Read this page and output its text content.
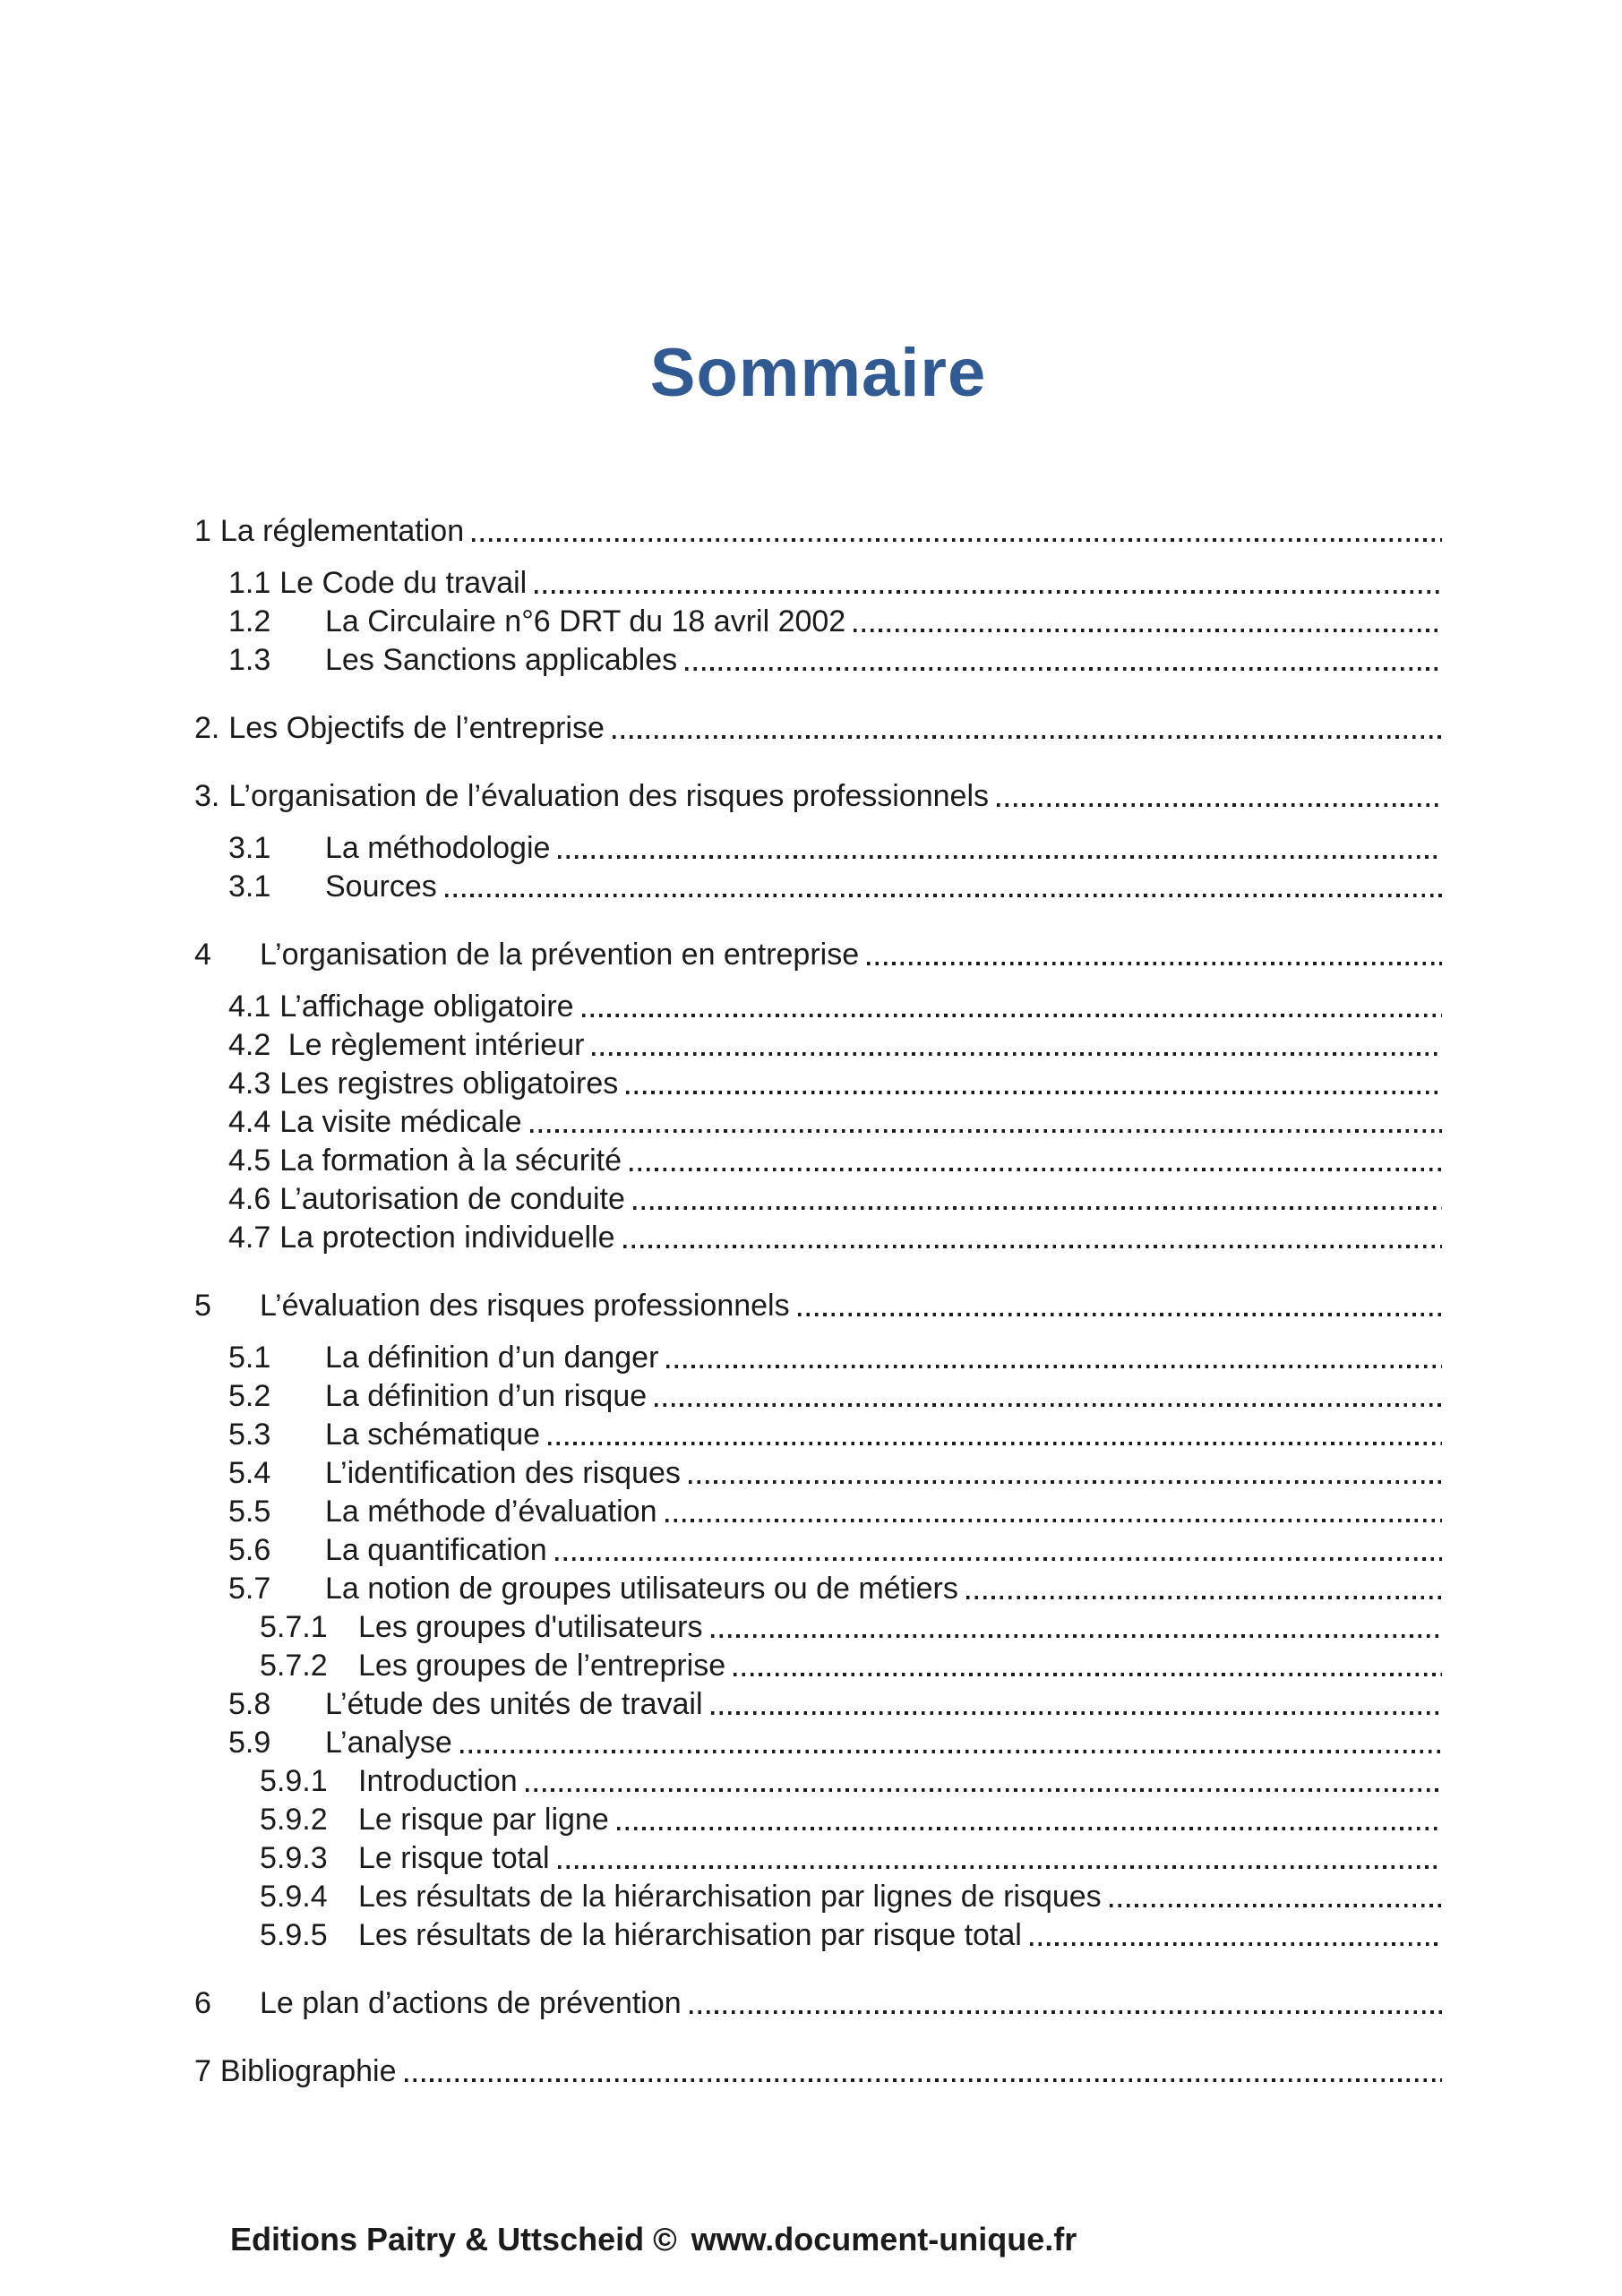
Sommaire
1 La réglementation
1.1 Le Code du travail
1.2	La Circulaire n°6 DRT du 18 avril 2002
1.3	Les Sanctions applicables
2. Les Objectifs de l’entreprise
3. L’organisation de l’évaluation des risques professionnels
3.1	La méthodologie
3.1	Sources
4	L’organisation de la prévention en entreprise
4.1 L’affichage obligatoire
4.2 Le règlement intérieur
4.3 Les registres obligatoires
4.4 La visite médicale
4.5 La formation à la sécurité
4.6 L’autorisation de conduite
4.7 La protection individuelle
5	L’évaluation des risques professionnels
5.1	La définition d’un danger
5.2	La définition d’un risque
5.3	La schématique
5.4	L’identification des risques
5.5	La méthode d’évaluation
5.6	La quantification
5.7	La notion de groupes utilisateurs ou de métiers
5.7.1	Les groupes d'utilisateurs
5.7.2	Les groupes de l’entreprise
5.8	L’étude des unités de travail
5.9	L’analyse
5.9.1	Introduction
5.9.2	Le risque par ligne
5.9.3	Le risque total
5.9.4	Les résultats de la hiérarchisation par lignes de risques
5.9.5	Les résultats de la hiérarchisation par risque total
6	Le plan d’actions de prévention
7 Bibliographie

Editions Paitry & Uttscheid © www.document-unique.fr
